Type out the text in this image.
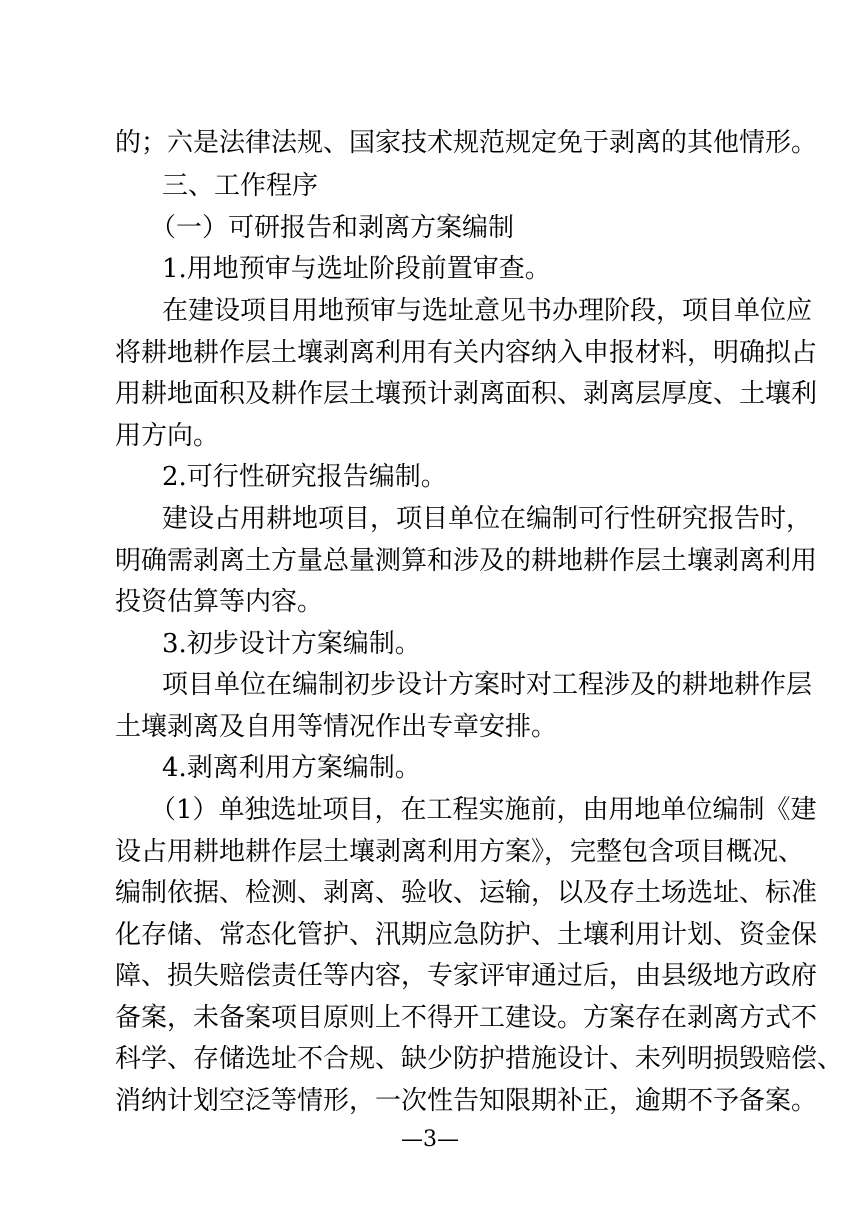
的；六是法律法规、国家技术规范规定免于剥离的其他情形。
三、工作程序
（一）可研报告和剥离方案编制
1.用地预审与选址阶段前置审查。
在建设项目用地预审与选址意见书办理阶段，项目单位应
将耕地耕作层土壤剥离利用有关内容纳入申报材料，明确拟占
用耕地面积及耕作层土壤预计剥离面积、剥离层厚度、土壤利
用方向。
2.可行性研究报告编制。
建设占用耕地项目，项目单位在编制可行性研究报告时，
明确需剥离土方量总量测算和涉及的耕地耕作层土壤剥离利用
投资估算等内容。
3.初步设计方案编制。
项目单位在编制初步设计方案时对工程涉及的耕地耕作层
土壤剥离及自用等情况作出专章安排。
4.剥离利用方案编制。
（1）单独选址项目，在工程实施前，由用地单位编制《建
设占用耕地耕作层土壤剥离利用方案》，完整包含项目概况、
编制依据、检测、剥离、验收、运输，以及存土场选址、标准
化存储、常态化管护、汛期应急防护、土壤利用计划、资金保
障、损失赔偿责任等内容，专家评审通过后，由县级地方政府
备案，未备案项目原则上不得开工建设。方案存在剥离方式不
科学、存储选址不合规、缺少防护措施设计、未列明损毁赔偿、
消纳计划空泛等情形，一次性告知限期补正，逾期不予备案。
—3—
